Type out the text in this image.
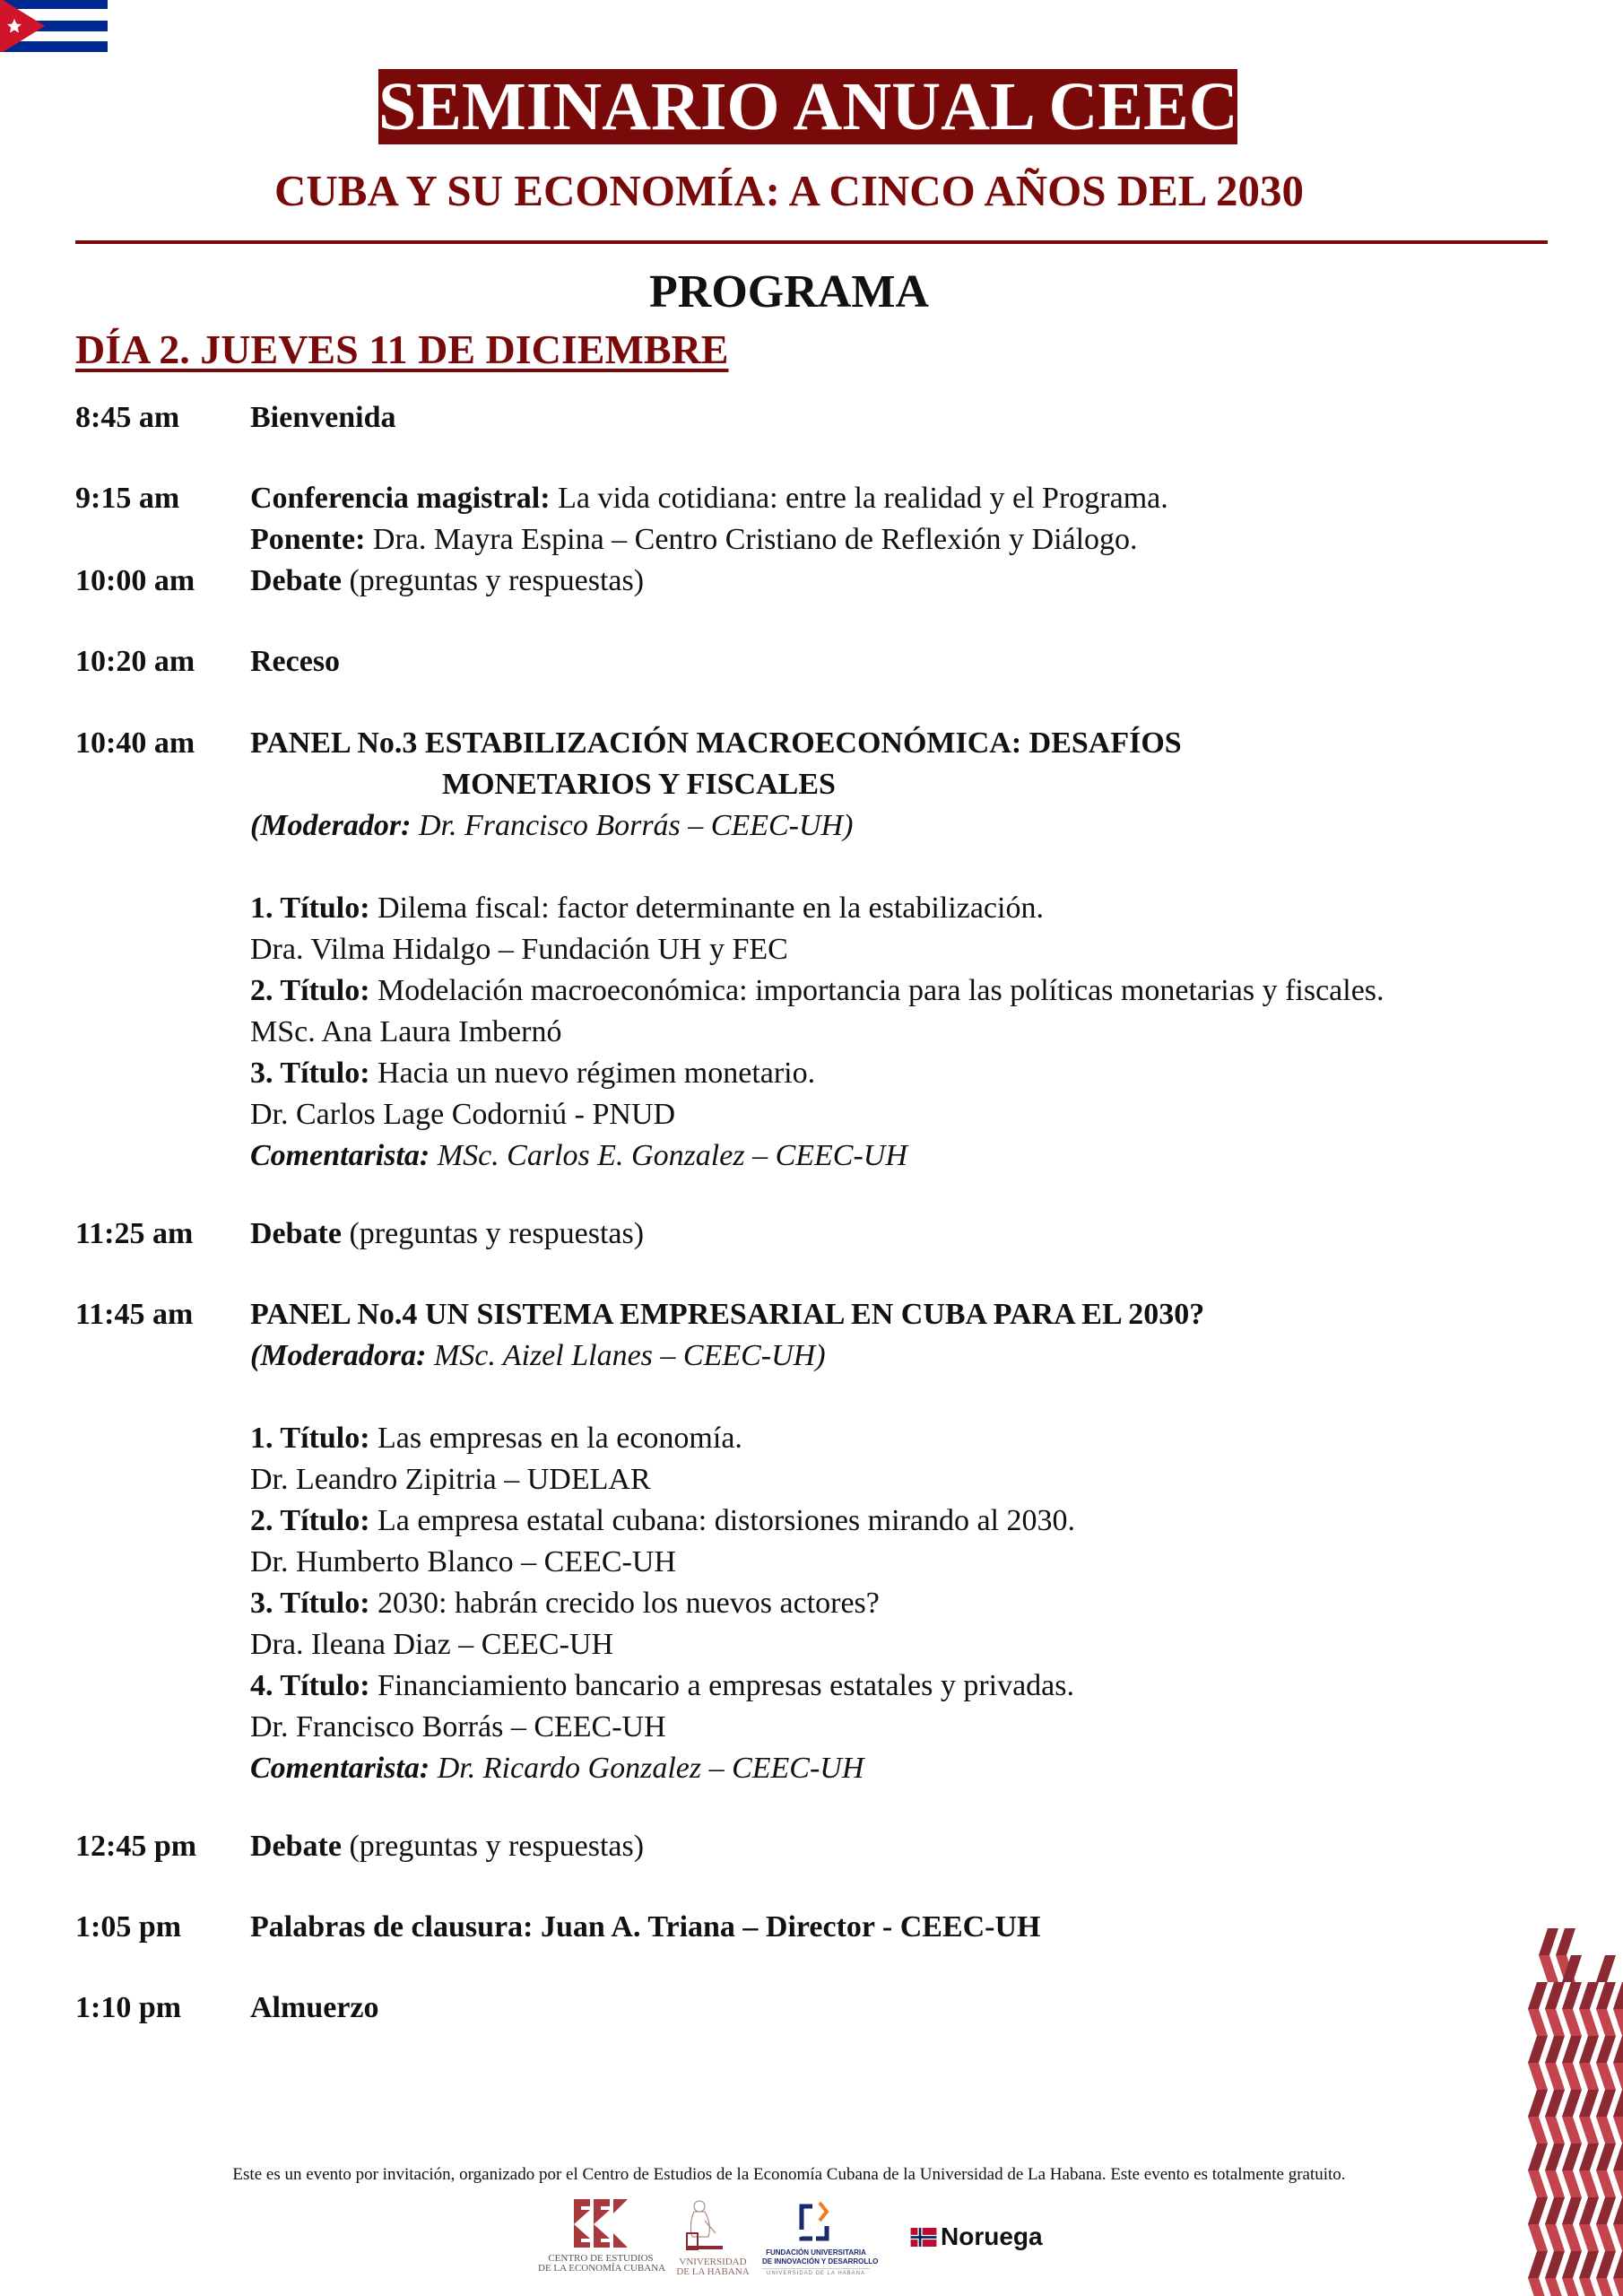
SEMINARIO ANUAL CEEC
CUBA Y SU ECONOMÍA: A CINCO AÑOS DEL 2030
PROGRAMA
DÍA 2. JUEVES 11 DE DICIEMBRE
8:45 am Bienvenida
9:15 am Conferencia magistral: La vida cotidiana: entre la realidad y el Programa.
Ponente: Dra. Mayra Espina – Centro Cristiano de Reflexión y Diálogo.
10:00 am Debate (preguntas y respuestas)
10:20 am Receso
10:40 am PANEL No.3 ESTABILIZACIÓN MACROECONÓMICA: DESAFÍOS
MONETARIOS Y FISCALES
(Moderador: Dr. Francisco Borrás – CEEC-UH)
1. Título: Dilema fiscal: factor determinante en la estabilización.
Dra. Vilma Hidalgo – Fundación UH y FEC
2. Título: Modelación macroeconómica: importancia para las políticas monetarias y fiscales.
MSc. Ana Laura Imbernó
3. Título: Hacia un nuevo régimen monetario.
Dr. Carlos Lage Codorniú - PNUD
Comentarista: MSc. Carlos E. Gonzalez – CEEC-UH
11:25 am Debate (preguntas y respuestas)
11:45 am PANEL No.4 UN SISTEMA EMPRESARIAL EN CUBA PARA EL 2030?
(Moderadora: MSc. Aizel Llanes – CEEC-UH)
1. Título: Las empresas en la economía.
Dr. Leandro Zipitria – UDELAR
2. Título: La empresa estatal cubana: distorsiones mirando al 2030.
Dr. Humberto Blanco – CEEC-UH
3. Título: 2030: habrán crecido los nuevos actores?
Dra. Ileana Diaz – CEEC-UH
4. Título: Financiamiento bancario a empresas estatales y privadas.
Dr. Francisco Borrás – CEEC-UH
Comentarista: Dr. Ricardo Gonzalez – CEEC-UH
12:45 pm Debate (preguntas y respuestas)
1:05 pm Palabras de clausura: Juan A. Triana – Director - CEEC-UH
1:10 pm Almuerzo
Este es un evento por invitación, organizado por el Centro de Estudios de la Economía Cubana de la Universidad de La Habana. Este evento es totalmente gratuito.
CENTRO DE ESTUDIOS
DE LA ECONOMÍA CUBANA
VNIVERSIDAD
DE LA HABANA
FUNDACIÓN UNIVERSITARIA
DE INNOVACIÓN Y DESARROLLO
UNIVERSIDAD DE LA HABANA
Noruega
